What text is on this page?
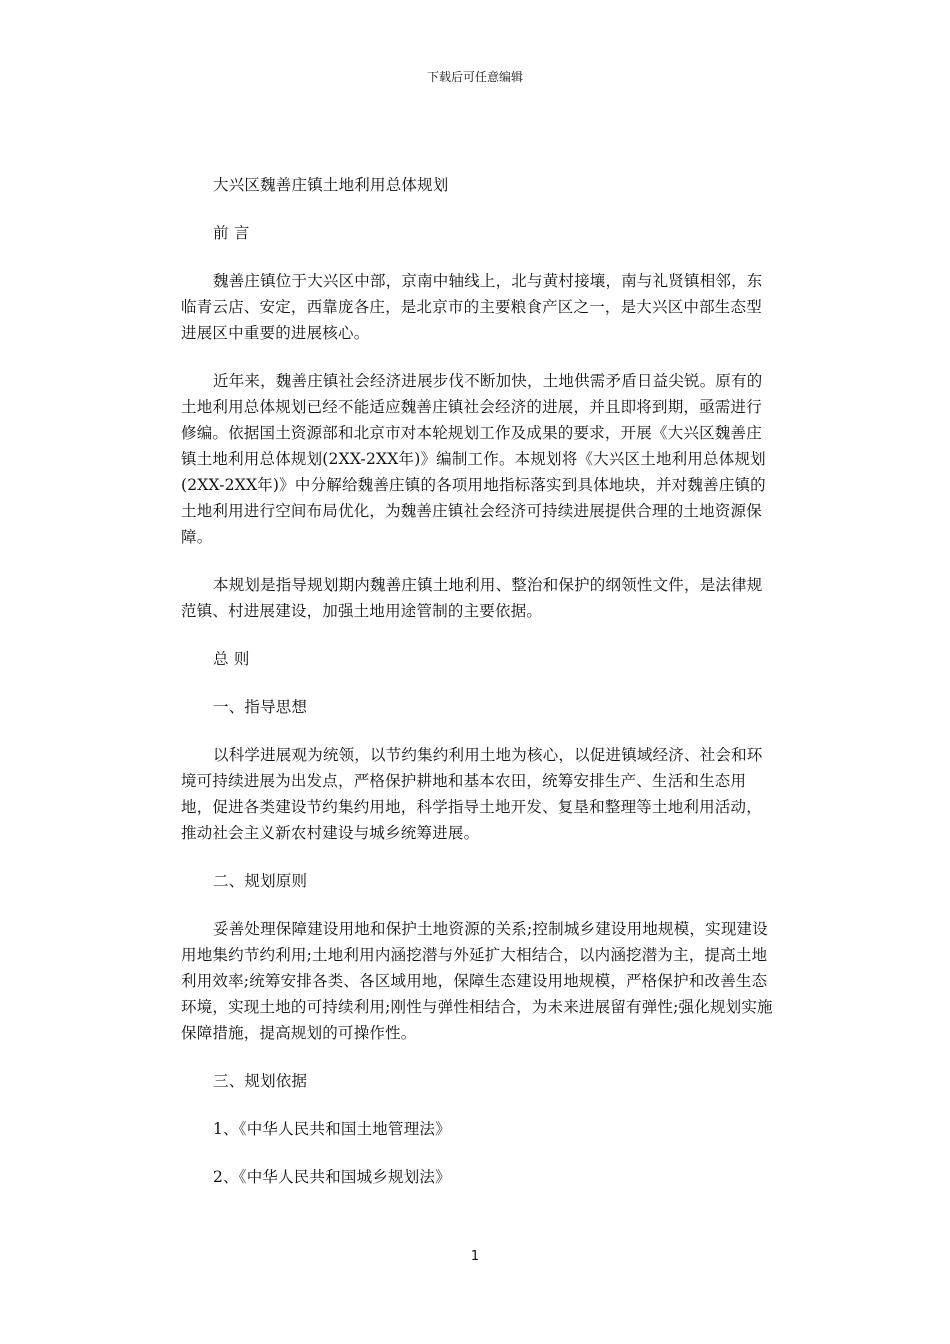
下载后可任意编辑

大兴区魏善庄镇土地利用总体规划

前 言

魏善庄镇位于大兴区中部，京南中轴线上，北与黄村接壤，南与礼贤镇相邻，东临青云店、安定，西靠庞各庄，是北京市的主要粮食产区之一，是大兴区中部生态型进展区中重要的进展核心。

近年来，魏善庄镇社会经济进展步伐不断加快，土地供需矛盾日益尖锐。原有的土地利用总体规划已经不能适应魏善庄镇社会经济的进展，并且即将到期，亟需进行修编。依据国土资源部和北京市对本轮规划工作及成果的要求，开展《大兴区魏善庄镇土地利用总体规划(2XX-2XX年)》编制工作。本规划将《大兴区土地利用总体规划(2XX-2XX年)》中分解给魏善庄镇的各项用地指标落实到具体地块，并对魏善庄镇的土地利用进行空间布局优化，为魏善庄镇社会经济可持续进展提供合理的土地资源保障。

本规划是指导规划期内魏善庄镇土地利用、整治和保护的纲领性文件，是法律规范镇、村进展建设，加强土地用途管制的主要依据。

总 则

一、指导思想

以科学进展观为统领，以节约集约利用土地为核心，以促进镇域经济、社会和环境可持续进展为出发点，严格保护耕地和基本农田，统筹安排生产、生活和生态用地，促进各类建设节约集约用地，科学指导土地开发、复垦和整理等土地利用活动，推动社会主义新农村建设与城乡统筹进展。

二、规划原则

妥善处理保障建设用地和保护土地资源的关系;控制城乡建设用地规模，实现建设用地集约节约利用;土地利用内涵挖潜与外延扩大相结合，以内涵挖潜为主，提高土地利用效率;统筹安排各类、各区域用地，保障生态建设用地规模，严格保护和改善生态环境，实现土地的可持续利用;刚性与弹性相结合，为未来进展留有弹性;强化规划实施保障措施，提高规划的可操作性。

三、规划依据

1、《中华人民共和国土地管理法》

2、《中华人民共和国城乡规划法》

1
